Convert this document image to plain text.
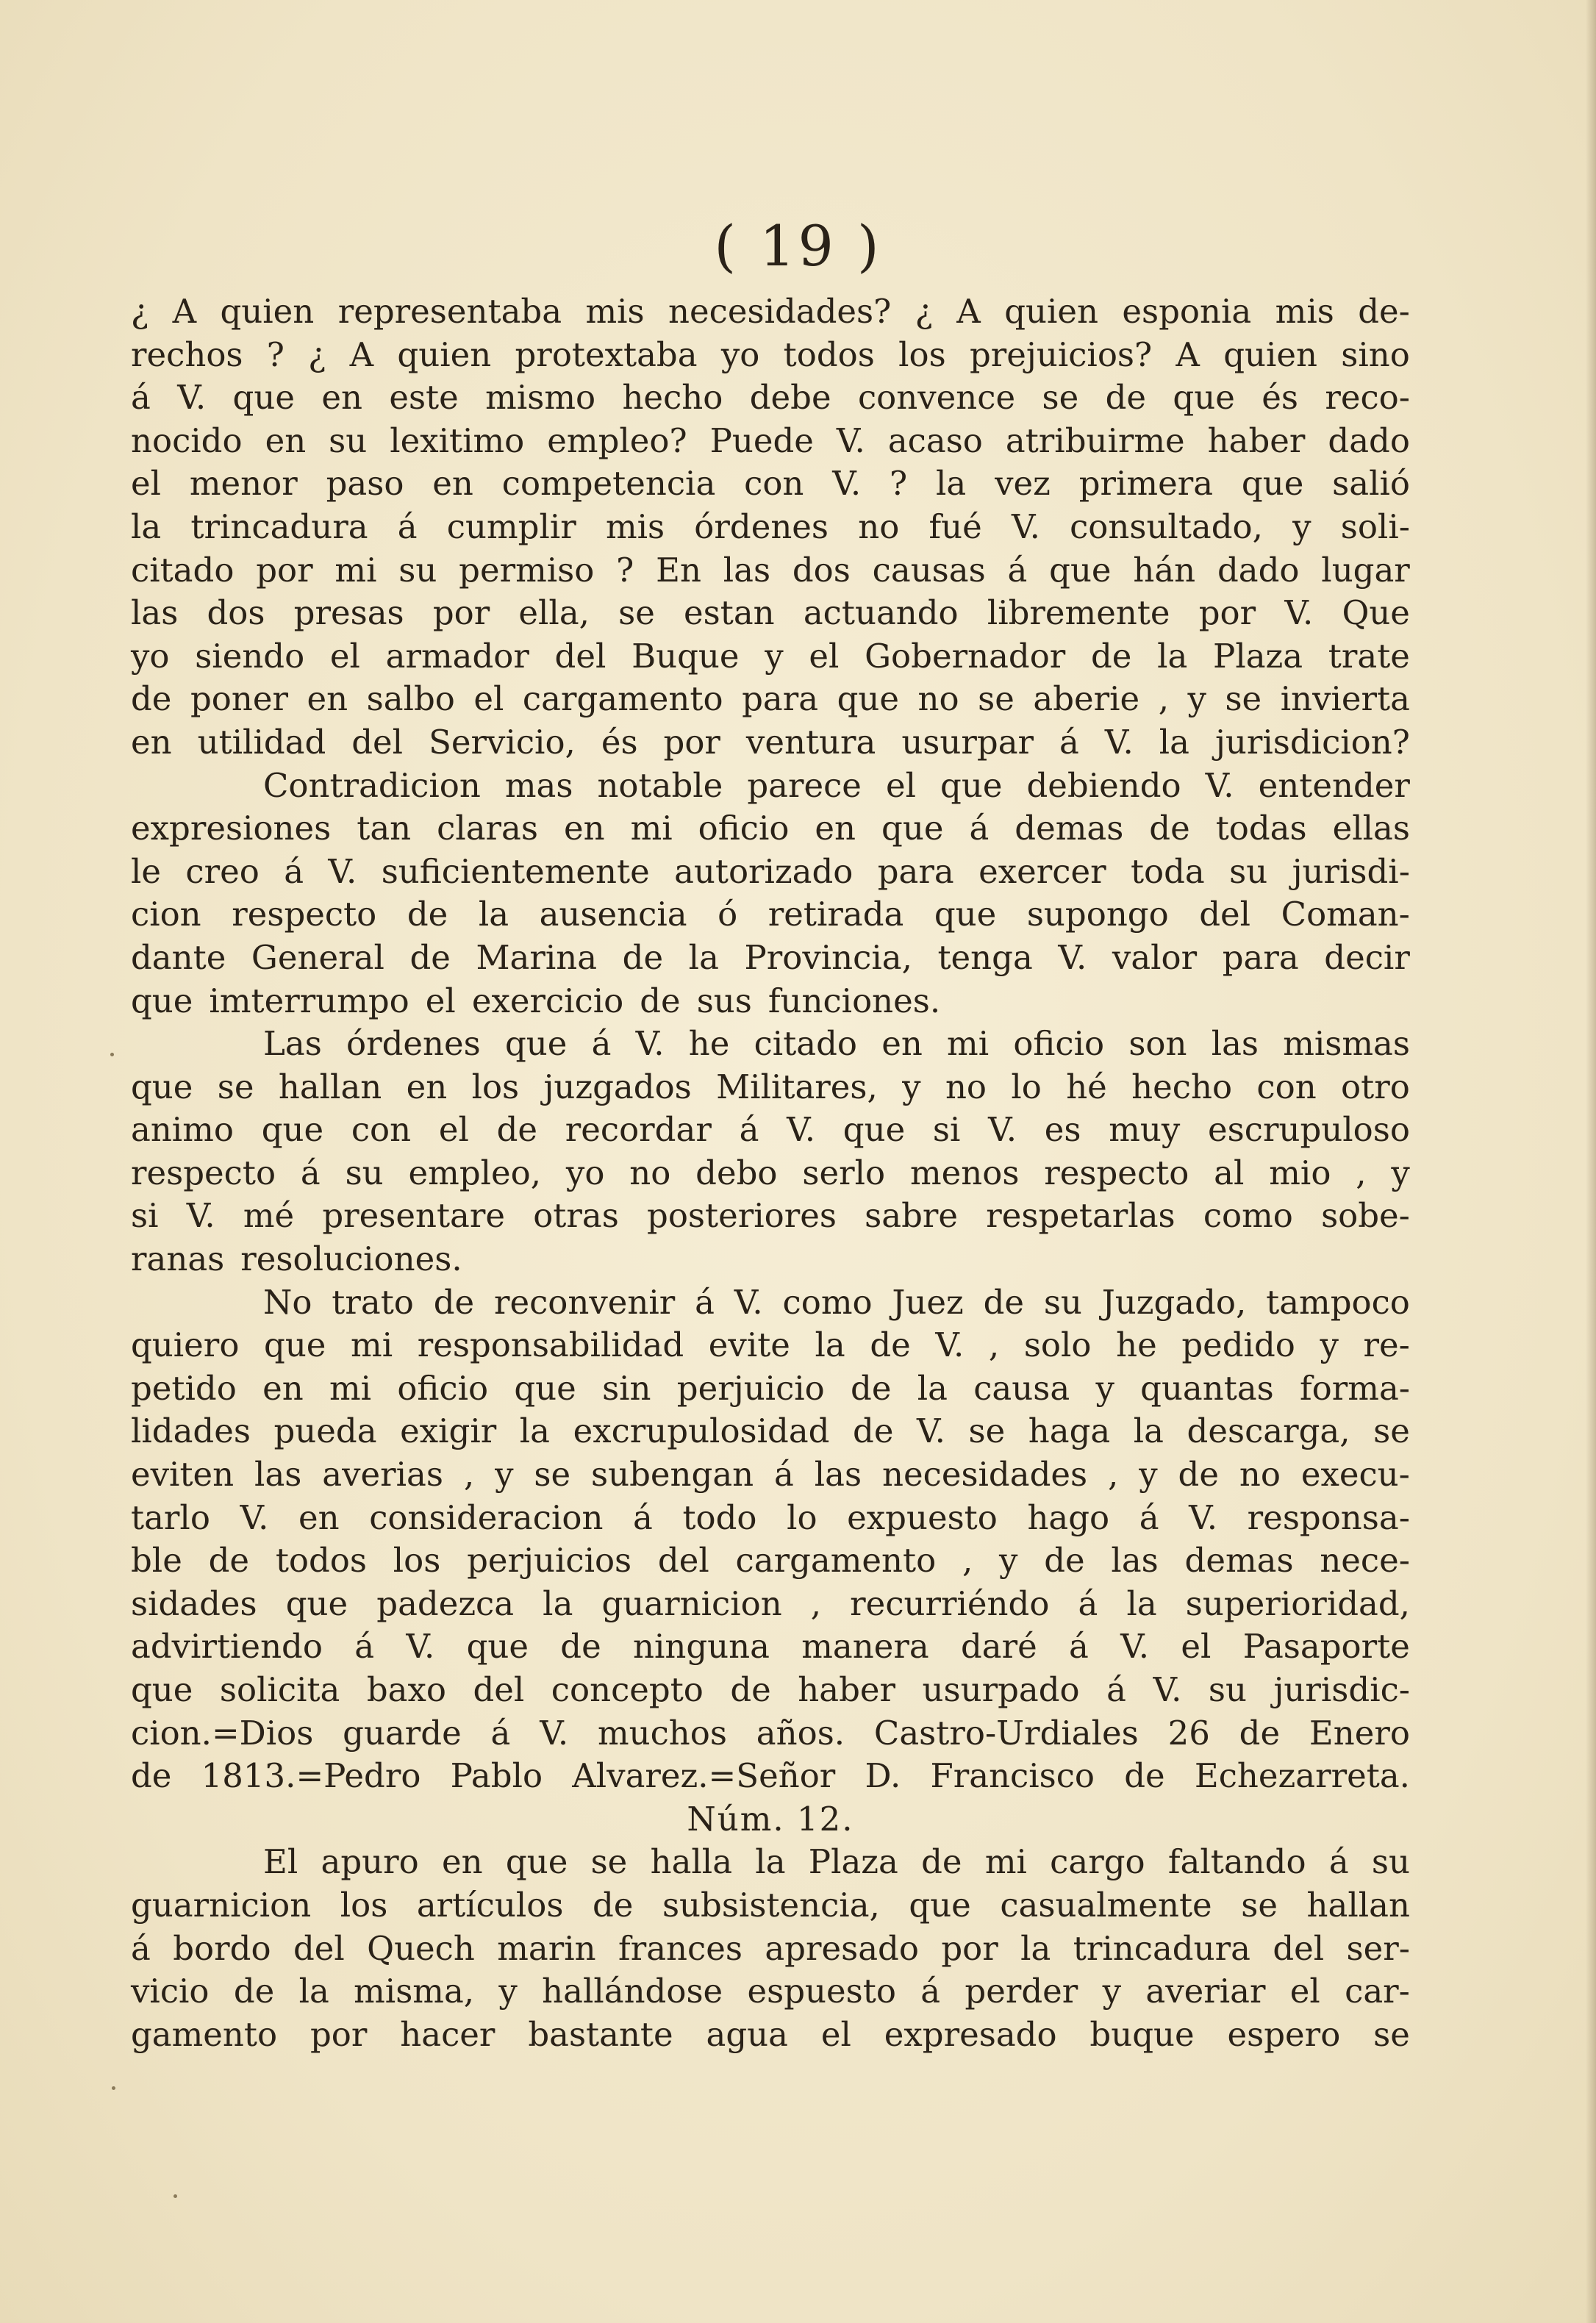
( 19 )
¿ A quien representaba mis necesidades? ¿ A quien esponia mis de-
rechos ? ¿ A quien protextaba yo todos los prejuicios? A quien sino
á V. que en este mismo hecho debe convence se de que és reco-
nocido en su lexitimo empleo? Puede V. acaso atribuirme haber dado
el menor paso en competencia con V. ? la vez primera que salió
la trincadura á cumplir mis órdenes no fué V. consultado, y soli-
citado por mi su permiso ? En las dos causas á que hán dado lugar
las dos presas por ella, se estan actuando libremente por V. Que
yo siendo el armador del Buque y el Gobernador de la Plaza trate
de poner en salbo el cargamento para que no se aberie , y se invierta
en utilidad del Servicio, és por ventura usurpar á V. la jurisdicion?
Contradicion mas notable parece el que debiendo V. entender
expresiones tan claras en mi oficio en que á demas de todas ellas
le creo á V. suficientemente autorizado para exercer toda su jurisdi-
cion respecto de la ausencia ó retirada que supongo del Coman-
dante General de Marina de la Provincia, tenga V. valor para decir
que imterrumpo el exercicio de sus funciones.
Las órdenes que á V. he citado en mi oficio son las mismas
que se hallan en los juzgados Militares, y no lo hé hecho con otro
animo que con el de recordar á V. que si V. es muy escrupuloso
respecto á su empleo, yo no debo serlo menos respecto al mio , y
si V. mé presentare otras posteriores sabre respetarlas como sobe-
ranas resoluciones.
No trato de reconvenir á V. como Juez de su Juzgado, tampoco
quiero que mi responsabilidad evite la de V. , solo he pedido y re-
petido en mi oficio que sin perjuicio de la causa y quantas forma-
lidades pueda exigir la excrupulosidad de V. se haga la descarga, se
eviten las averias , y se subengan á las necesidades , y de no execu-
tarlo V. en consideracion á todo lo expuesto hago á V. responsa-
ble de todos los perjuicios del cargamento , y de las demas nece-
sidades que padezca la guarnicion , recurriéndo á la superioridad,
advirtiendo á V. que de ninguna manera daré á V. el Pasaporte
que solicita baxo del concepto de haber usurpado á V. su jurisdic-
cion.=Dios guarde á V. muchos años. Castro-Urdiales 26 de Enero
de 1813.=Pedro Pablo Alvarez.=Señor D. Francisco de Echezarreta.
Núm. 12.
El apuro en que se halla la Plaza de mi cargo faltando á su
guarnicion los artículos de subsistencia, que casualmente se hallan
á bordo del Quech marin frances apresado por la trincadura del ser-
vicio de la misma, y hallándose espuesto á perder y averiar el car-
gamento por hacer bastante agua el expresado buque espero se
